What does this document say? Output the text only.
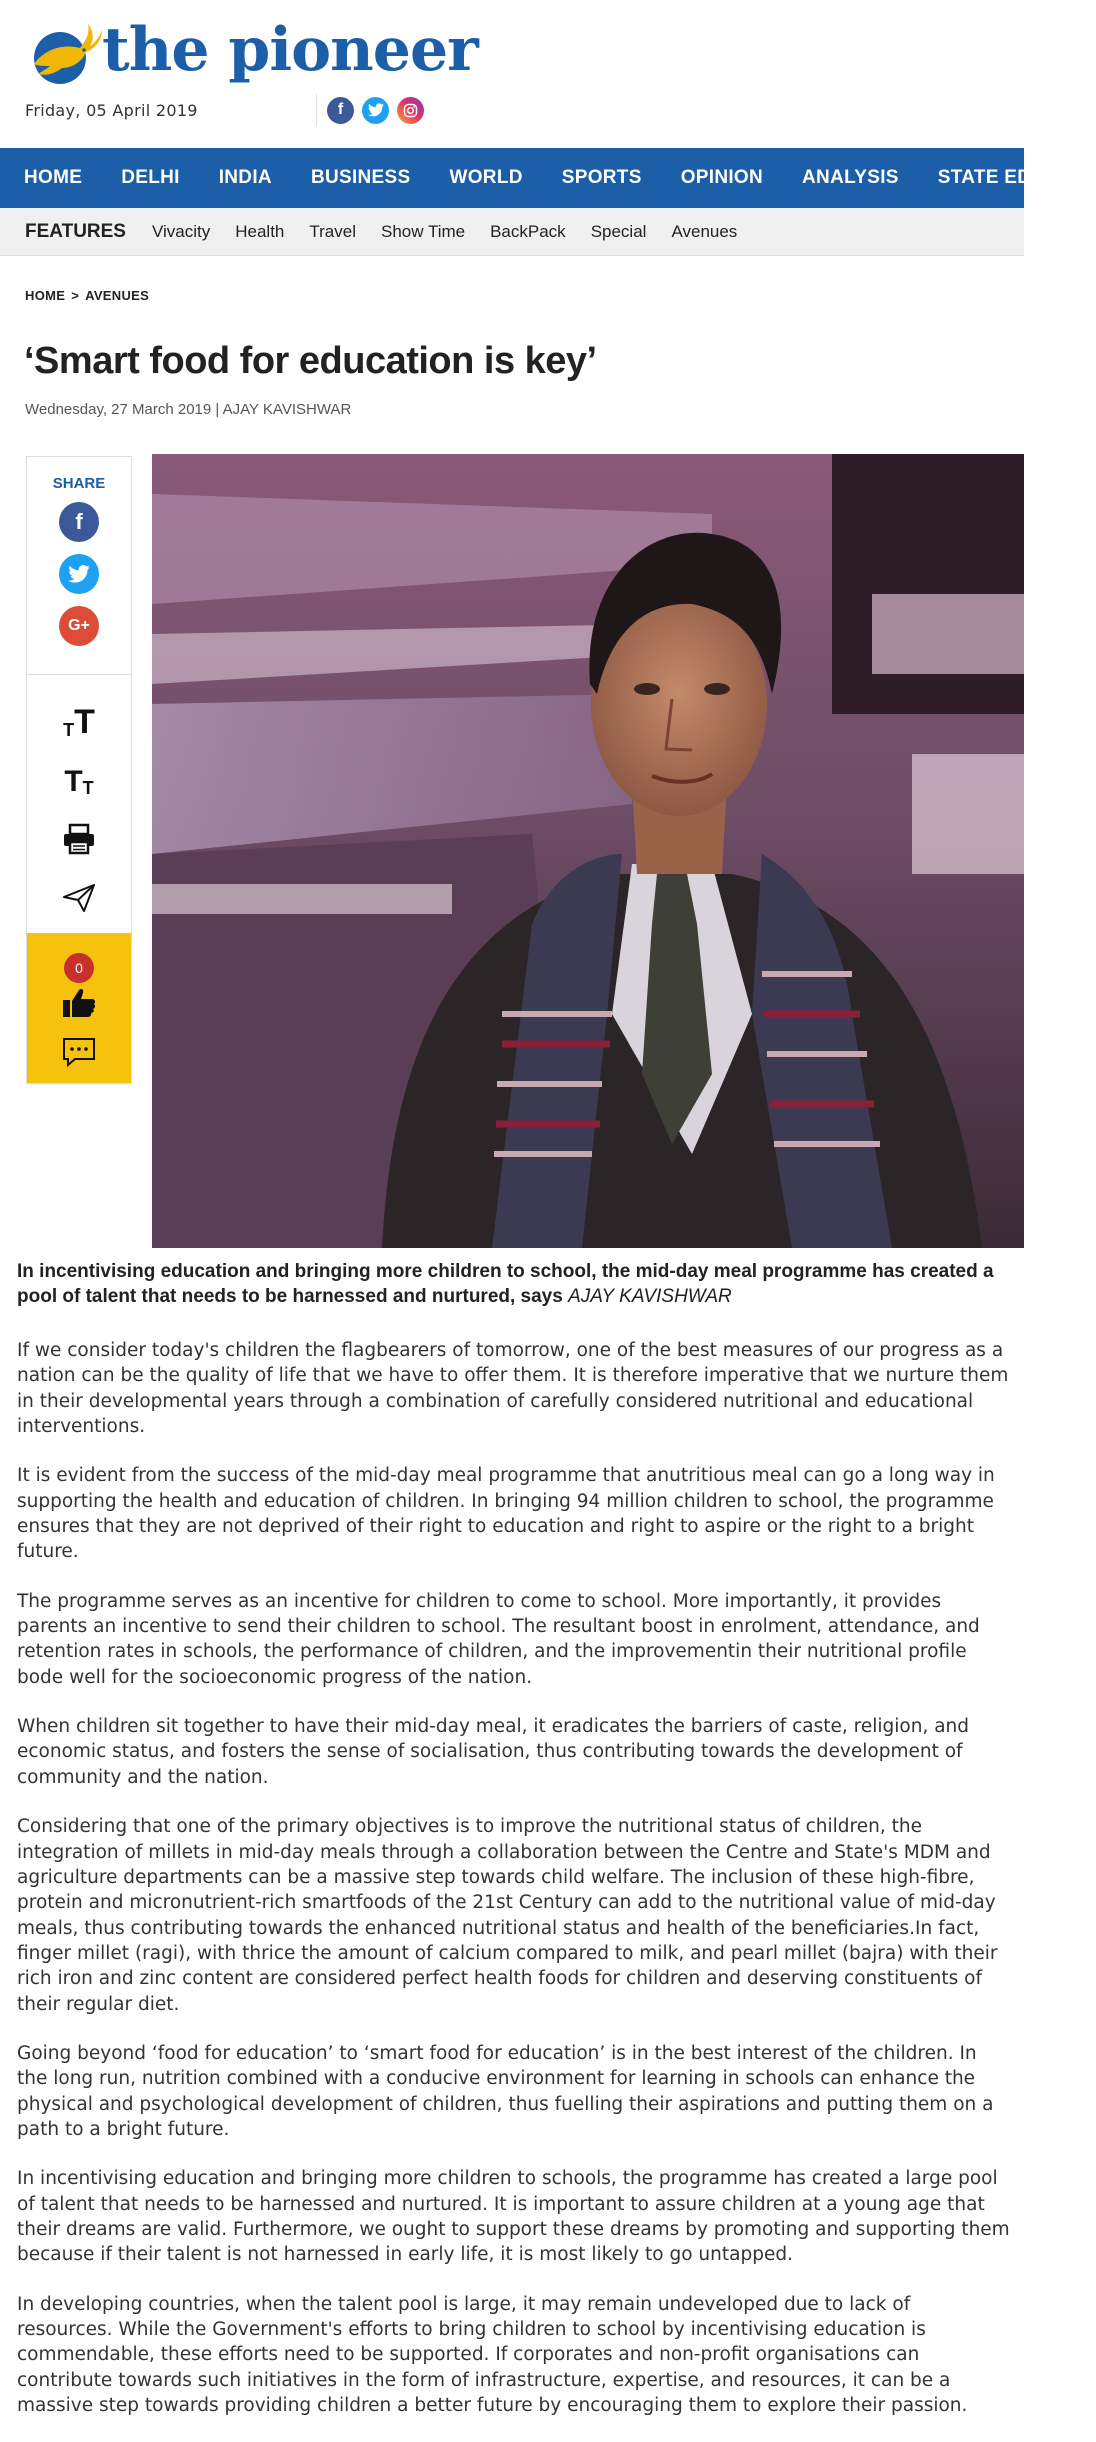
the pioneer
Friday, 05 April 2019	f
HOME DELHI INDIA BUSINESS WORLD SPORTS OPINION ANALYSIS STATE EDITIONS
FEATURES Vivacity Health Travel Show Time BackPack Special Avenues
HOME > AVENUES
‘Smart food for education is key’
Wednesday, 27 March 2019 | AJAY KAVISHWAR
SHARE
f
G+
T T
T T
0

In incentivising education and bringing more children to school, the mid-day meal programme has created a pool of talent that needs to be harnessed and nurtured, says AJAY KAVISHWAR

If we consider today's children the flagbearers of tomorrow, one of the best measures of our progress as a nation can be the quality of life that we have to offer them. It is therefore imperative that we nurture them in their developmental years through a combination of carefully considered nutritional and educational interventions.

It is evident from the success of the mid-day meal programme that anutritious meal can go a long way in supporting the health and education of children. In bringing 94 million children to school, the programme ensures that they are not deprived of their right to education and right to aspire or the right to a bright future.

The programme serves as an incentive for children to come to school. More importantly, it provides parents an incentive to send their children to school. The resultant boost in enrolment, attendance, and retention rates in schools, the performance of children, and the improvementin their nutritional profile bode well for the socioeconomic progress of the nation.

When children sit together to have their mid-day meal, it eradicates the barriers of caste, religion, and economic status, and fosters the sense of socialisation, thus contributing towards the development of community and the nation.

Considering that one of the primary objectives is to improve the nutritional status of children, the integration of millets in mid-day meals through a collaboration between the Centre and State's MDM and agriculture departments can be a massive step towards child welfare. The inclusion of these high-fibre, protein and micronutrient-rich smartfoods of the 21st Century can add to the nutritional value of mid-day meals, thus contributing towards the enhanced nutritional status and health of the beneficiaries.In fact, finger millet (ragi), with thrice the amount of calcium compared to milk, and pearl millet (bajra) with their rich iron and zinc content are considered perfect health foods for children and deserving constituents of their regular diet.

Going beyond ‘food for education’ to ‘smart food for education’ is in the best interest of the children. In the long run, nutrition combined with a conducive environment for learning in schools can enhance the physical and psychological development of children, thus fuelling their aspirations and putting them on a path to a bright future.

In incentivising education and bringing more children to schools, the programme has created a large pool of talent that needs to be harnessed and nurtured. It is important to assure children at a young age that their dreams are valid. Furthermore, we ought to support these dreams by promoting and supporting them because if their talent is not harnessed in early life, it is most likely to go untapped.

In developing countries, when the talent pool is large, it may remain undeveloped due to lack of resources. While the Government's efforts to bring children to school by incentivising education is commendable, these efforts need to be supported. If corporates and non-profit organisations can contribute towards such initiatives in the form of infrastructure, expertise, and resources, it can be a massive step towards providing children a better future by encouraging them to explore their passion.
